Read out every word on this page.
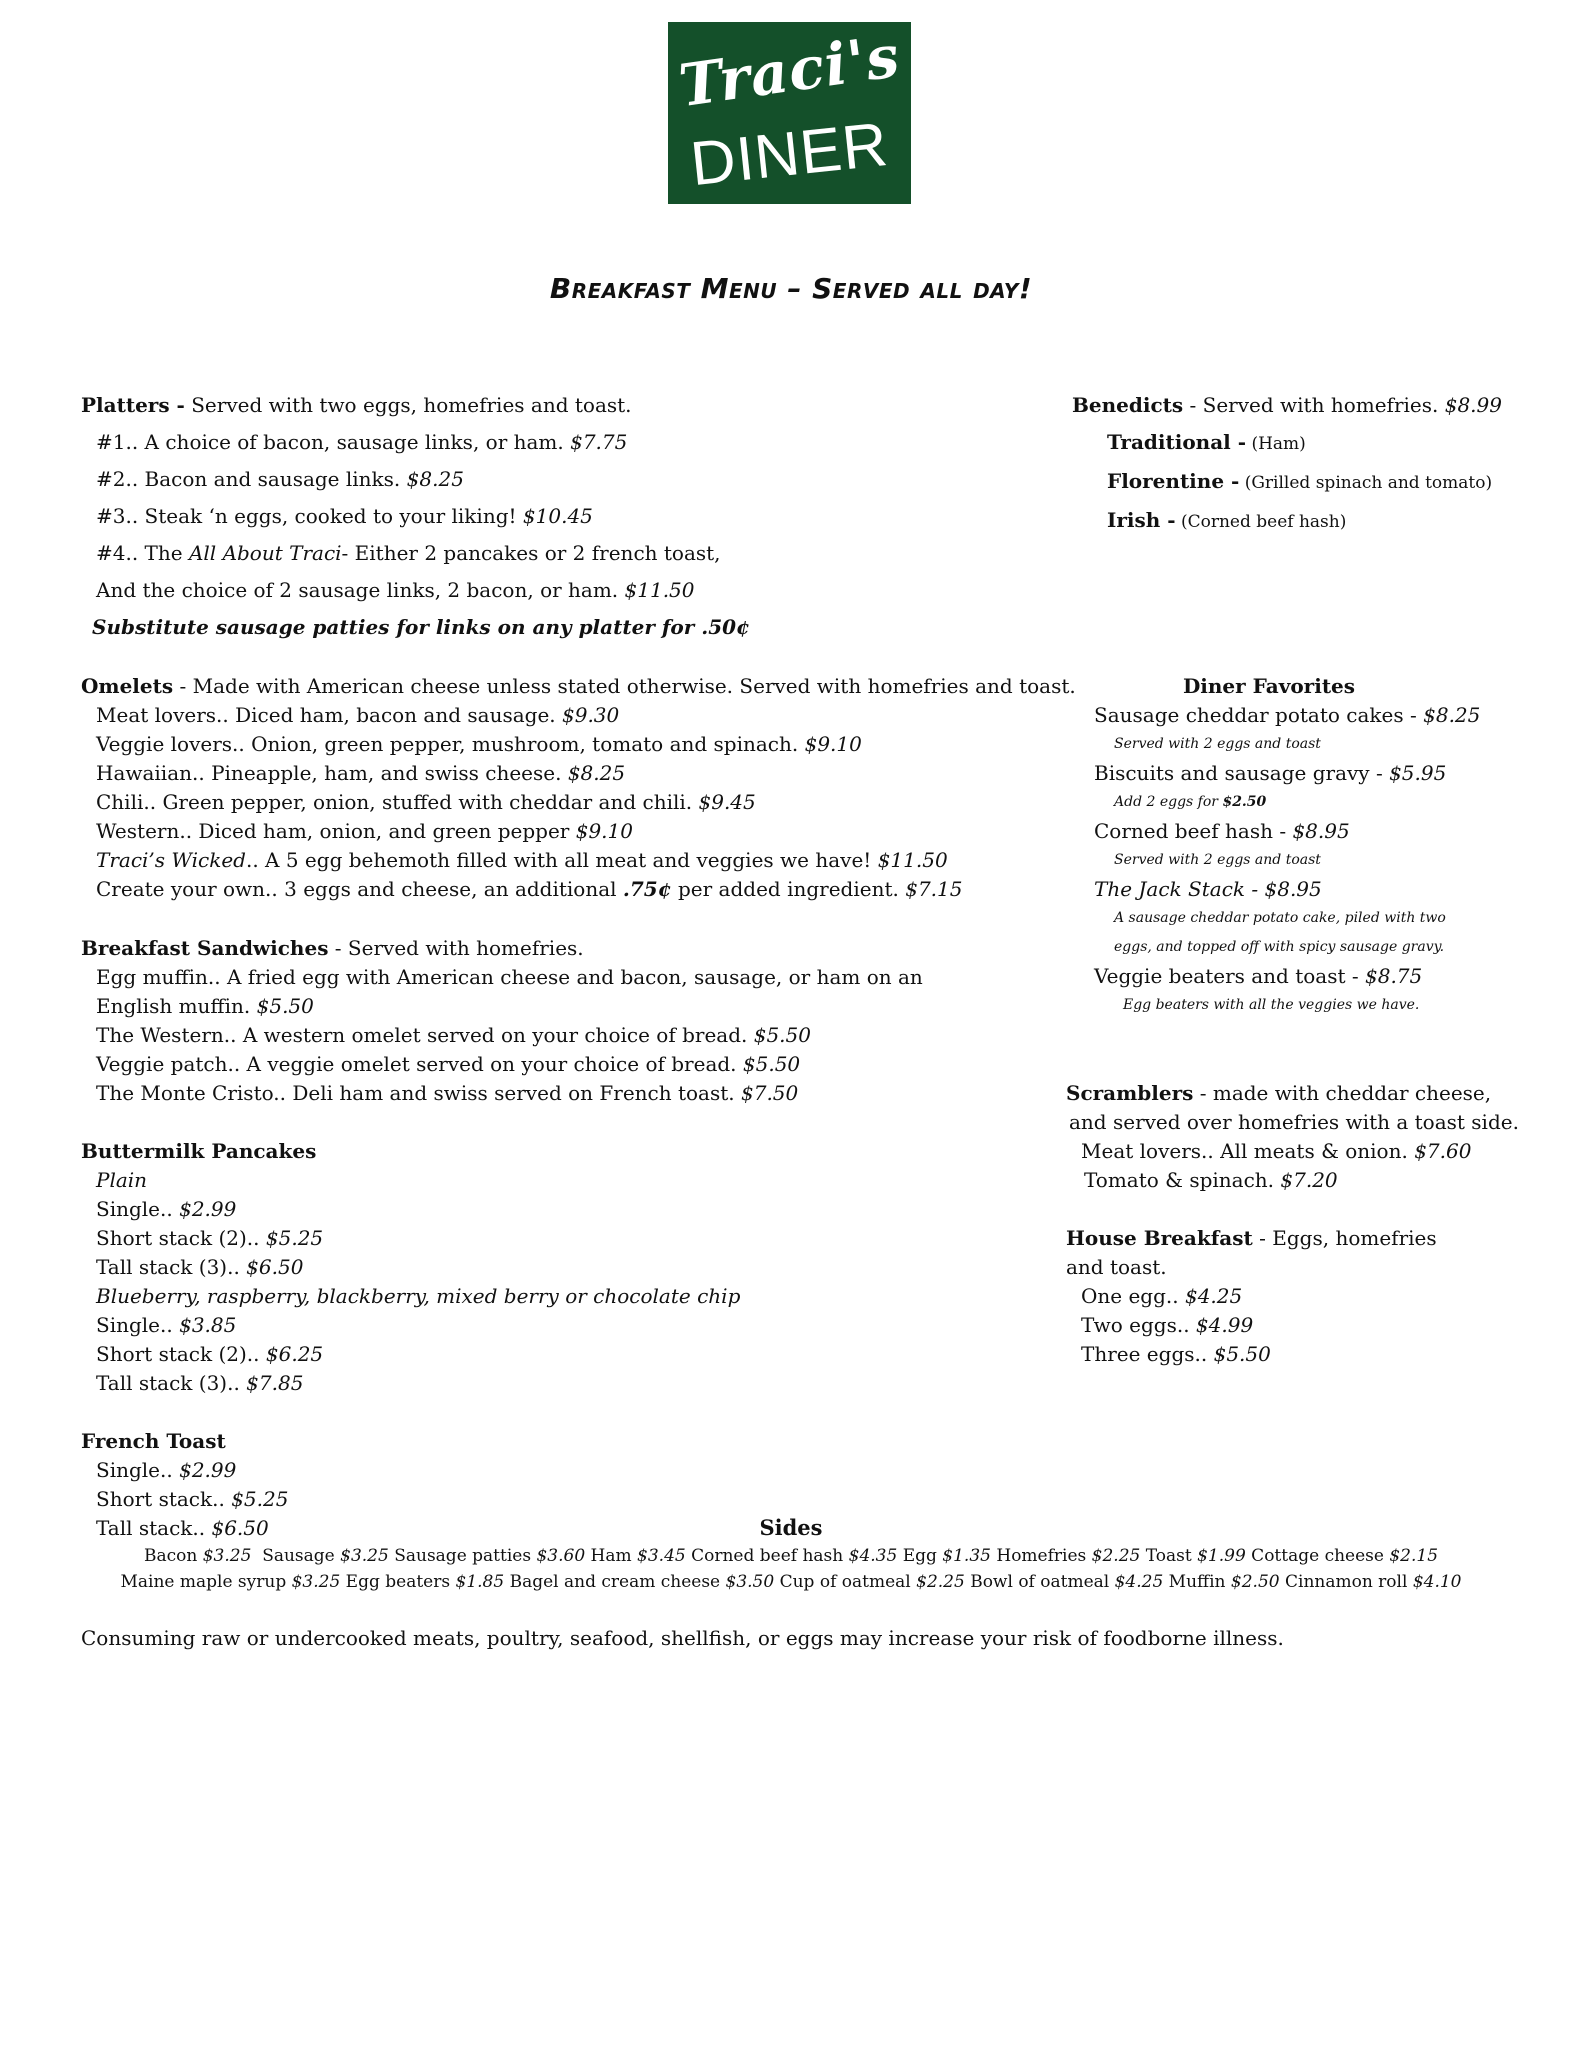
Traci's
DINER
Breakfast Menu – Served all day!
Platters - Served with two eggs, homefries and toast.
#1.. A choice of bacon, sausage links, or ham. $7.75
#2.. Bacon and sausage links. $8.25
#3.. Steak ‘n eggs, cooked to your liking! $10.45
#4.. The All About Traci- Either 2 pancakes or 2 french toast,
And the choice of 2 sausage links, 2 bacon, or ham. $11.50
Substitute sausage patties for links on any platter for .50¢
Benedicts - Served with homefries. $8.99
Traditional - (Ham)
Florentine - (Grilled spinach and tomato)
Irish - (Corned beef hash)
Omelets - Made with American cheese unless stated otherwise. Served with homefries and toast.
Meat lovers.. Diced ham, bacon and sausage. $9.30
Veggie lovers.. Onion, green pepper, mushroom, tomato and spinach. $9.10
Hawaiian.. Pineapple, ham, and swiss cheese. $8.25
Chili.. Green pepper, onion, stuffed with cheddar and chili. $9.45
Western.. Diced ham, onion, and green pepper $9.10
Traci’s Wicked.. A 5 egg behemoth filled with all meat and veggies we have! $11.50
Create your own.. 3 eggs and cheese, an additional .75¢ per added ingredient. $7.15
Diner Favorites
Sausage cheddar potato cakes - $8.25
Served with 2 eggs and toast
Biscuits and sausage gravy - $5.95
Add 2 eggs for $2.50
Corned beef hash - $8.95
Served with 2 eggs and toast
The Jack Stack - $8.95
A sausage cheddar potato cake, piled with two
eggs, and topped off with spicy sausage gravy.
Veggie beaters and toast - $8.75
Egg beaters with all the veggies we have.
Breakfast Sandwiches - Served with homefries.
Egg muffin.. A fried egg with American cheese and bacon, sausage, or ham on an
English muffin. $5.50
The Western.. A western omelet served on your choice of bread. $5.50
Veggie patch.. A veggie omelet served on your choice of bread. $5.50
The Monte Cristo.. Deli ham and swiss served on French toast. $7.50	Scramblers - made with cheddar cheese,
and served over homefries with a toast side.
Meat lovers.. All meats & onion. $7.60
Tomato & spinach. $7.20
Buttermilk Pancakes
Plain
Single.. $2.99
Short stack (2).. $5.25
Tall stack (3).. $6.50
Blueberry, raspberry, blackberry, mixed berry or chocolate chip
Single.. $3.85
Short stack (2).. $6.25
Tall stack (3).. $7.85
House Breakfast - Eggs, homefries and toast.
One egg.. $4.25
Two eggs.. $4.99
Three eggs.. $5.50
French Toast
Single.. $2.99
Short stack.. $5.25
Tall stack.. $6.50	Sides
Bacon $3.25  Sausage $3.25 Sausage patties $3.60 Ham $3.45 Corned beef hash $4.35 Egg $1.35 Homefries $2.25 Toast $1.99 Cottage cheese $2.15
Maine maple syrup $3.25 Egg beaters $1.85 Bagel and cream cheese $3.50 Cup of oatmeal $2.25 Bowl of oatmeal $4.25 Muffin $2.50 Cinnamon roll $4.10
Consuming raw or undercooked meats, poultry, seafood, shellfish, or eggs may increase your risk of foodborne illness.
